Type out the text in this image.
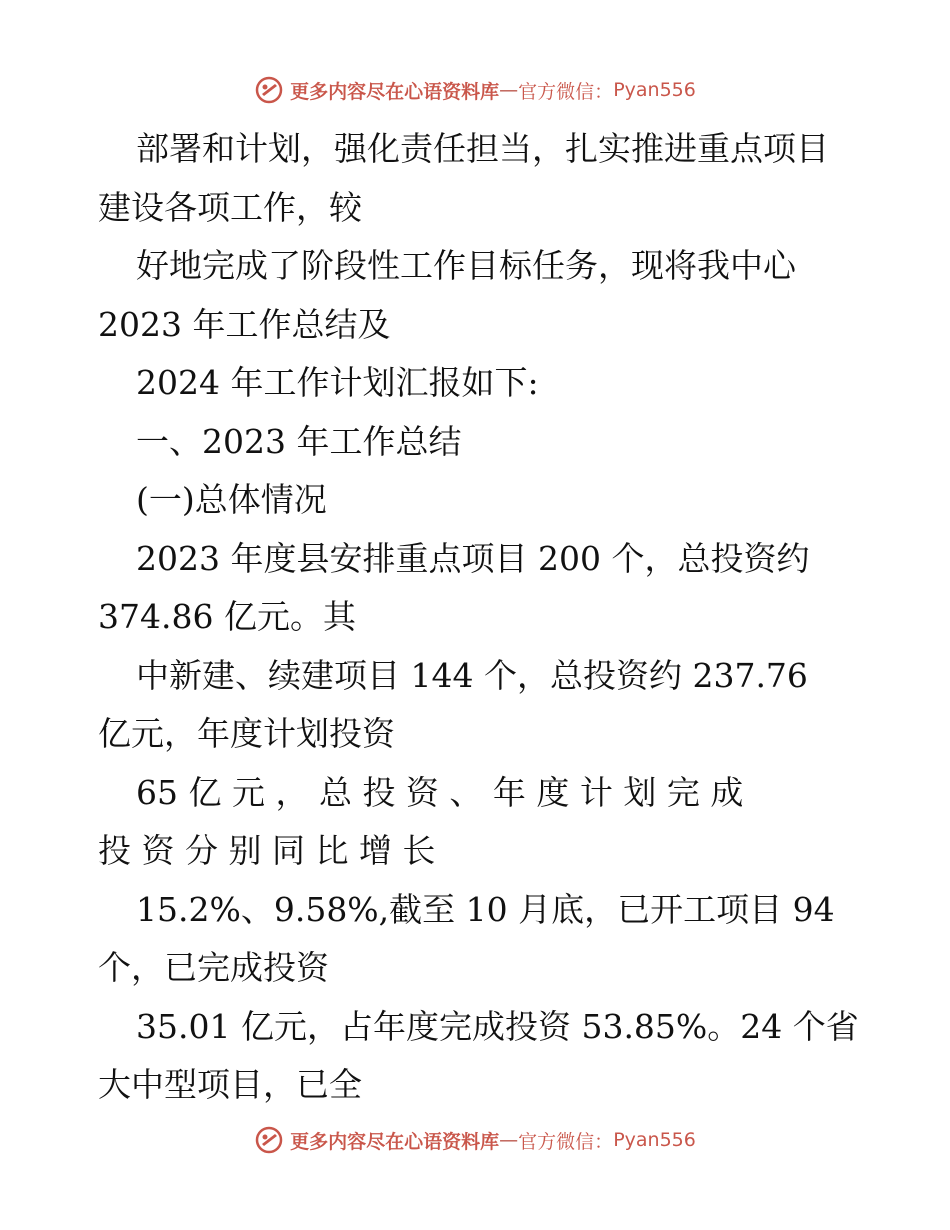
更多内容尽在心语资料库 — 官方微信： Pyan556
部署和计划，强化责任担当，扎实推进重点项目
建设各项工作，较
好地完成了阶段性工作目标任务，现将我中心
2023 年工作总结及
2024 年工作计划汇报如下:
一、2023 年工作总结
(一)总体情况
2023 年度县安排重点项目 200 个，总投资约
374.86 亿元。其
中新建、续建项目 144 个，总投资约 237.76
亿元，年度计划投资
65 亿 元 ， 总 投 资 、 年 度 计 划 完 成
投 资 分 别 同 比 增 长
15.2%、9.58%,截至 10 月底，已开工项目 94
个，已完成投资
35.01 亿元，占年度完成投资 53.85%。24 个省
大中型项目，已全
更多内容尽在心语资料库 — 官方微信： Pyan556
